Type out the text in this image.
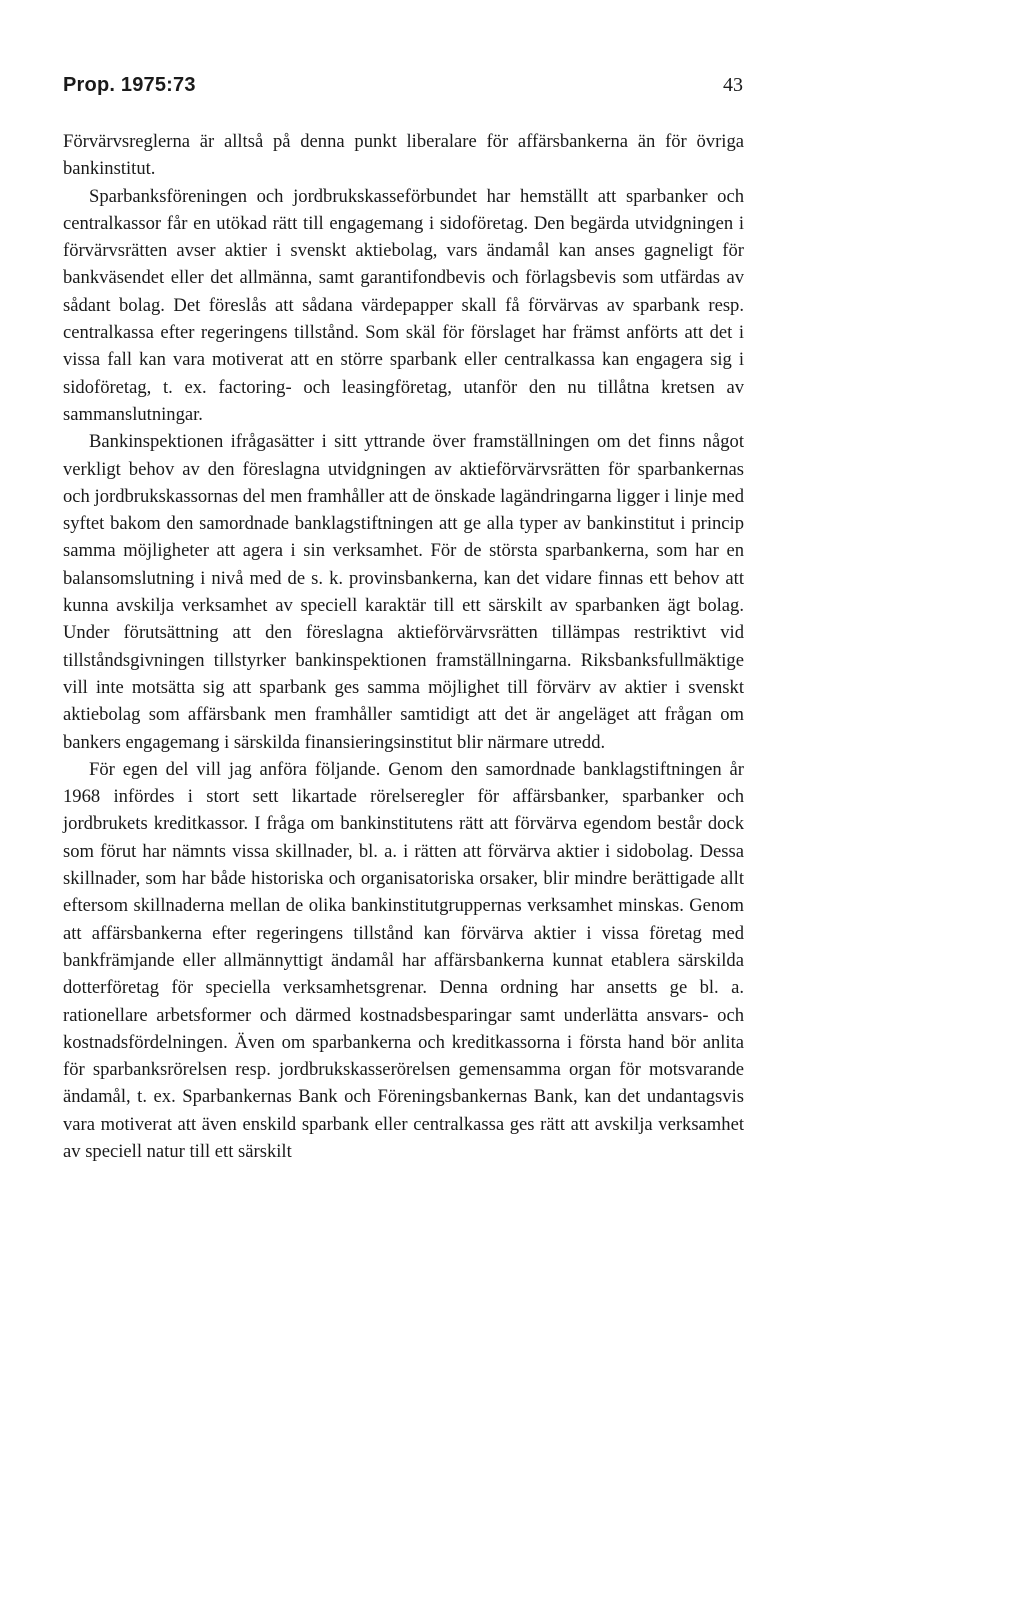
Prop. 1975:73	43

Förvärvsreglerna är alltså på denna punkt liberalare för affärsbankerna än för övriga bankinstitut.

Sparbanksföreningen och jordbrukskasseförbundet har hemställt att sparbanker och centralkassor får en utökad rätt till engagemang i sidoföretag. Den begärda utvidgningen i förvärvsrätten avser aktier i svenskt aktiebolag, vars ändamål kan anses gagneligt för bankväsendet eller det allmänna, samt garantifondbevis och förlagsbevis som utfärdas av sådant bolag. Det föreslås att sådana värdepapper skall få förvärvas av sparbank resp. centralkassa efter regeringens tillstånd. Som skäl för förslaget har främst anförts att det i vissa fall kan vara motiverat att en större sparbank eller centralkassa kan engagera sig i sidoföretag, t. ex. factoring- och leasingföretag, utanför den nu tillåtna kretsen av sammanslutningar.

Bankinspektionen ifrågasätter i sitt yttrande över framställningen om det finns något verkligt behov av den föreslagna utvidgningen av aktieförvärvsrätten för sparbankernas och jordbrukskassornas del men framhåller att de önskade lagändringarna ligger i linje med syftet bakom den samordnade banklagstiftningen att ge alla typer av bankinstitut i princip samma möjligheter att agera i sin verksamhet. För de största sparbankerna, som har en balansomslutning i nivå med de s. k. provinsbankerna, kan det vidare finnas ett behov att kunna avskilja verksamhet av speciell karaktär till ett särskilt av sparbanken ägt bolag. Under förutsättning att den föreslagna aktieförvärvsrätten tillämpas restriktivt vid tillståndsgivningen tillstyrker bankinspektionen framställningarna. Riksbanksfullmäktige vill inte motsätta sig att sparbank ges samma möjlighet till förvärv av aktier i svenskt aktiebolag som affärsbank men framhåller samtidigt att det är angeläget att frågan om bankers engagemang i särskilda finansieringsinstitut blir närmare utredd.

För egen del vill jag anföra följande. Genom den samordnade banklagstiftningen år 1968 infördes i stort sett likartade rörelseregler för affärsbanker, sparbanker och jordbrukets kreditkassor. I fråga om bankinstitutens rätt att förvärva egendom består dock som förut har nämnts vissa skillnader, bl. a. i rätten att förvärva aktier i sidobolag. Dessa skillnader, som har både historiska och organisatoriska orsaker, blir mindre berättigade allt eftersom skillnaderna mellan de olika bankinstitutgruppernas verksamhet minskas. Genom att affärsbankerna efter regeringens tillstånd kan förvärva aktier i vissa företag med bankfrämjande eller allmännyttigt ändamål har affärsbankerna kunnat etablera särskilda dotterföretag för speciella verksamhetsgrenar. Denna ordning har ansetts ge bl. a. rationellare arbetsformer och därmed kostnadsbesparingar samt underlätta ansvars- och kostnadsfördelningen. Även om sparbankerna och kreditkassorna i första hand bör anlita för sparbanksrörelsen resp. jordbrukskasserörelsen gemensamma organ för motsvarande ändamål, t. ex. Sparbankernas Bank och Föreningsbankernas Bank, kan det undantagsvis vara motiverat att även enskild sparbank eller centralkassa ges rätt att avskilja verksamhet av speciell natur till ett särskilt
